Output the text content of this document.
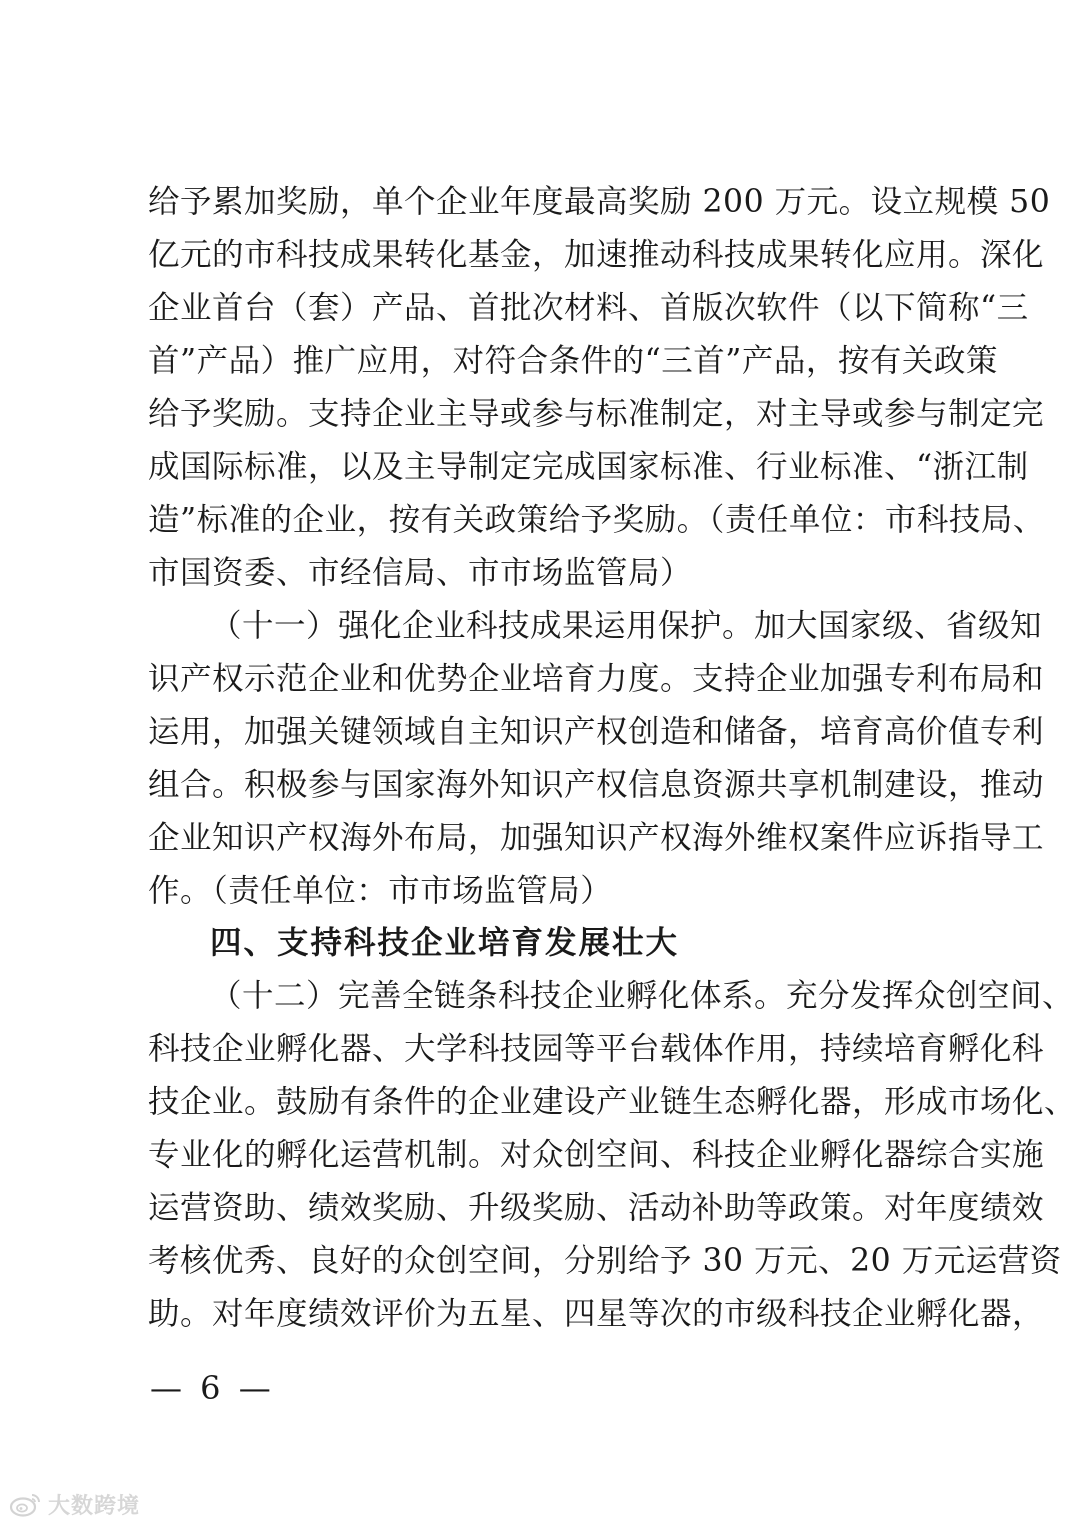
给予累加奖励，单个企业年度最高奖励 200 万元。设立规模 50
亿元的市科技成果转化基金，加速推动科技成果转化应用。深化
企业首台（套）产品、首批次材料、首版次软件（以下简称“三
首”产品）推广应用，对符合条件的“三首”产品，按有关政策
给予奖励。支持企业主导或参与标准制定，对主导或参与制定完
成国际标准，以及主导制定完成国家标准、行业标准、“浙江制
造”标准的企业，按有关政策给予奖励。（责任单位：市科技局、
市国资委、市经信局、市市场监管局）
（十一）强化企业科技成果运用保护。加大国家级、省级知
识产权示范企业和优势企业培育力度。支持企业加强专利布局和
运用，加强关键领域自主知识产权创造和储备，培育高价值专利
组合。积极参与国家海外知识产权信息资源共享机制建设，推动
企业知识产权海外布局，加强知识产权海外维权案件应诉指导工
作。（责任单位：市市场监管局）
四、支持科技企业培育发展壮大
（十二）完善全链条科技企业孵化体系。充分发挥众创空间、
科技企业孵化器、大学科技园等平台载体作用，持续培育孵化科
技企业。鼓励有条件的企业建设产业链生态孵化器，形成市场化、
专业化的孵化运营机制。对众创空间、科技企业孵化器综合实施
运营资助、绩效奖励、升级奖励、活动补助等政策。对年度绩效
考核优秀、良好的众创空间，分别给予 30 万元、20 万元运营资
助。对年度绩效评价为五星、四星等次的市级科技企业孵化器，
— 6 —
大数跨境
